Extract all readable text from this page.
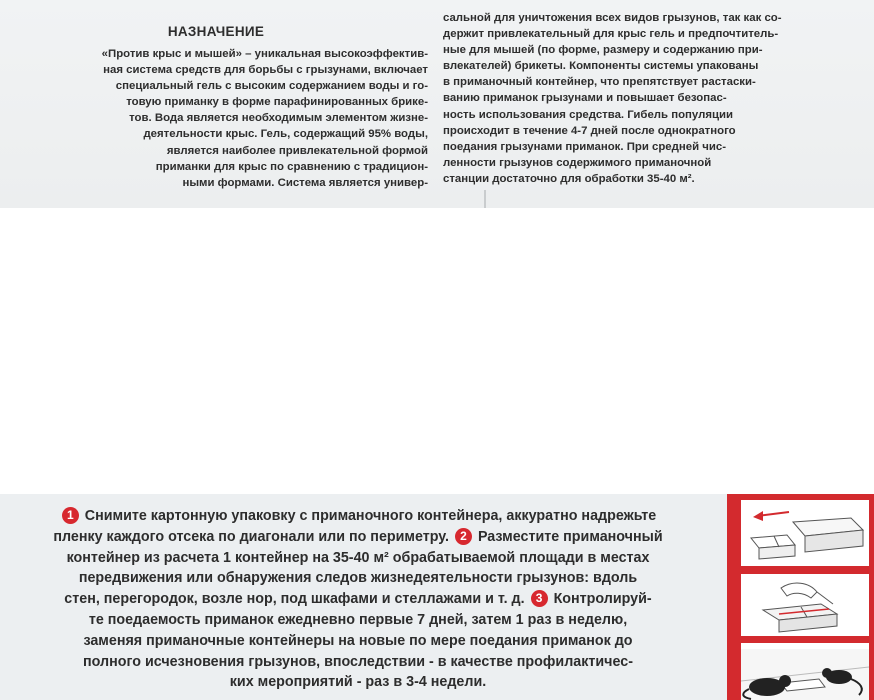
НАЗНАЧЕНИЕ
«Против крыс и мышей» – уникальная высокоэффектив-
ная система средств для борьбы с грызунами, включает
специальный гель с высоким содержанием воды и го-
товую приманку в форме парафинированных брике-
тов. Вода является необходимым элементом жизне-
деятельности крыс. Гель, содержащий 95% воды,
является наиболее привлекательной формой
приманки для крыс по сравнению с традицион-
ными формами. Система является универ-
сальной для уничтожения всех видов грызунов, так как со-
держит привлекательный для крыс гель и предпочтитель-
ные для мышей (по форме, размеру и содержанию при-
влекателей) брикеты. Компоненты системы упакованы
в приманочный контейнер, что препятствует растаски-
ванию приманок грызунами и повышает безопас-
ность использования средства. Гибель популяции
происходит в течение 4-7 дней после однократного
поедания грызунами приманок. При средней чис-
ленности грызунов содержимого приманочной
станции достаточно для обработки 35-40 м².
1 Снимите картонную упаковку с приманочного контейнера, аккуратно надрежьте
пленку каждого отсека по диагонали или по периметру. 2 Разместите приманочный
контейнер из расчета 1 контейнер на 35-40 м² обрабатываемой площади в местах
передвижения или обнаружения следов жизнедеятельности грызунов: вдоль
стен, перегородок, возле нор, под шкафами и стеллажами и т. д. 3 Контролируй-
те поедаемость приманок ежедневно первые 7 дней, затем 1 раз в неделю,
заменяя приманочные контейнеры на новые по мере поедания приманок до
полного исчезновения грызунов, впоследствии - в качестве профилактичес-
ких мероприятий - раз в 3-4 недели.
